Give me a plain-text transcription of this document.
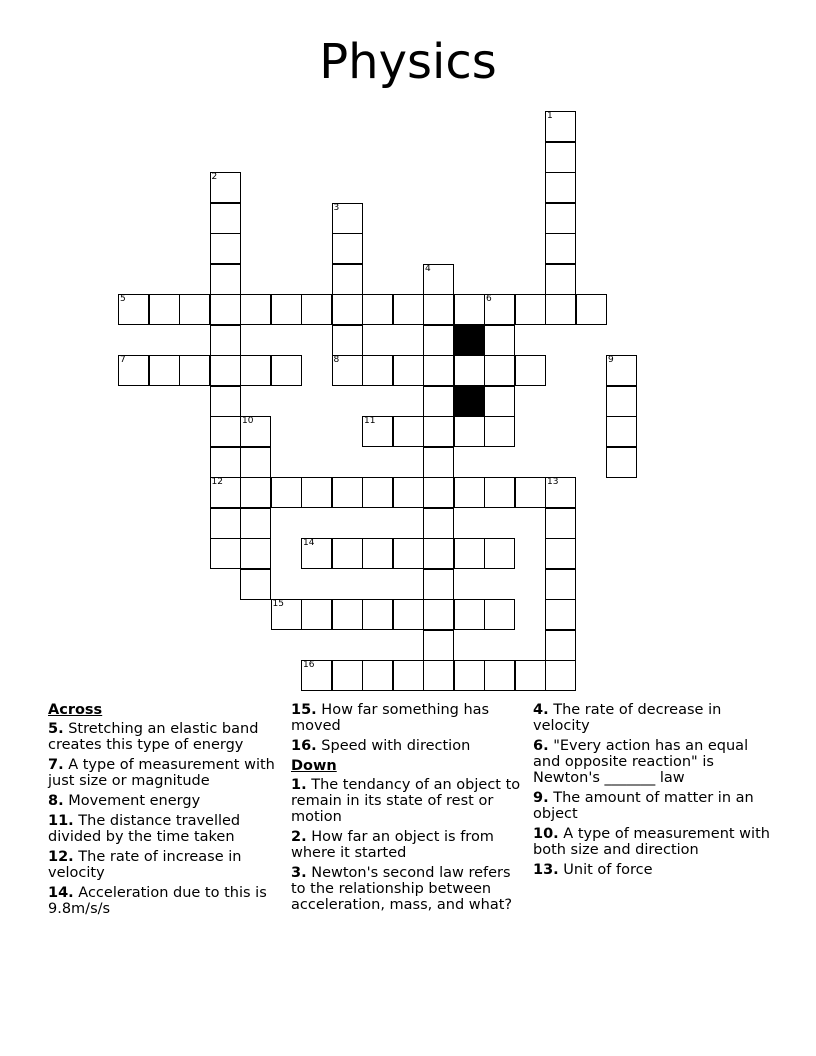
Physics
1
2
12
3
4
5	6
7	8	9
10	11
13
14
15
16
Across
5. Stretching an elastic band creates this type of energy
7. A type of measurement with just size or magnitude
8. Movement energy
11. The distance travelled divided by the time taken
12. The rate of increase in velocity
14. Acceleration due to this is 9.8m/s/s
15. How far something has moved
16. Speed with direction
Down
1. The tendancy of an object to remain in its state of rest or motion
2. How far an object is from where it started
3. Newton's second law refers to the relationship between acceleration, mass, and what?
4. The rate of decrease in velocity
6. "Every action has an equal and opposite reaction" is Newton's _______ law
9. The amount of matter in an object
10. A type of measurement with both size and direction
13. Unit of force
